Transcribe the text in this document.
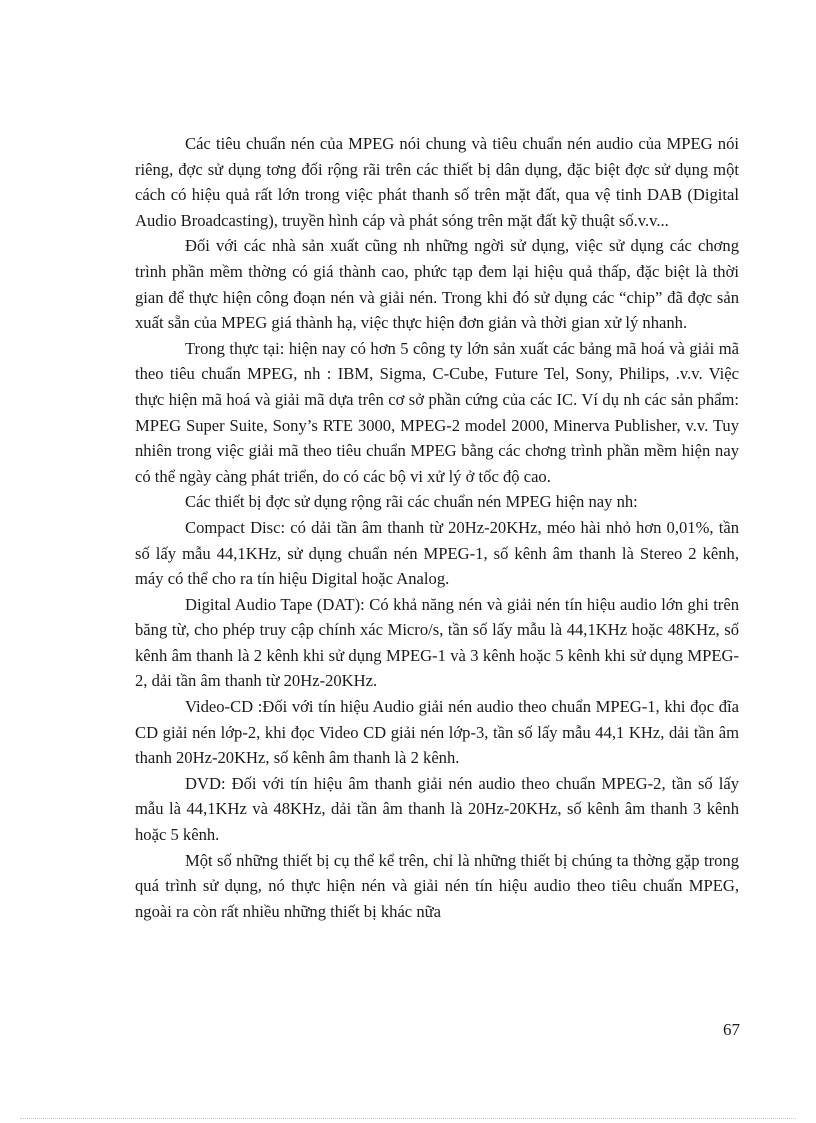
Các tiêu chuẩn nén của MPEG nói chung và tiêu chuẩn nén audio của MPEG nói riêng, đợc sử dụng tơng đối rộng rãi trên các thiết bị dân dụng, đặc biệt đợc sử dụng một cách có hiệu quả rất lớn trong việc phát thanh số trên mặt đất, qua vệ tinh DAB (Digital Audio Broadcasting), truyền hình cáp và phát sóng trên mặt đất kỹ thuật số.v.v...

Đối với các nhà sản xuất cũng nh những ngời sử dụng, việc sử dụng các chơng trình phần mềm thờng có giá thành cao, phức tạp đem lại hiệu quả thấp, đặc biệt là thời gian để thực hiện công đoạn nén và giải nén. Trong khi đó sử dụng các “chip” đã đợc sản xuất sẵn của MPEG giá thành hạ, việc thực hiện đơn giản và thời gian xử lý nhanh.

Trong thực tại: hiện nay có hơn 5 công ty lớn sản xuất các bảng mã hoá và giải mã theo tiêu chuẩn MPEG, nh : IBM, Sigma, C-Cube, Future Tel, Sony, Philips, .v.v. Việc thực hiện mã hoá và giải mã dựa trên cơ sở phần cứng của các IC. Ví dụ nh các sản phẩm: MPEG Super Suite, Sony’s RTE 3000, MPEG-2 model 2000, Minerva Publisher, v.v. Tuy nhiên trong việc giải mã theo tiêu chuẩn MPEG bằng các chơng trình phần mềm hiện nay có thể ngày càng phát triển, do có các bộ vi xử lý ở tốc độ cao.

Các thiết bị đợc sử dụng rộng rãi các chuẩn nén MPEG hiện nay nh:

Compact Disc: có dải tần âm thanh từ 20Hz-20KHz, méo hài nhỏ hơn 0,01%, tần số lấy mẫu 44,1KHz, sử dụng chuẩn nén MPEG-1, số kênh âm thanh là Stereo 2 kênh, máy có thể cho ra tín hiệu Digital hoặc Analog.

Digital Audio Tape (DAT): Có khả năng nén và giải nén tín hiệu audio lớn ghi trên băng từ, cho phép truy cập chính xác Micro/s, tần số lấy mẫu là 44,1KHz hoặc 48KHz, số kênh âm thanh là 2 kênh khi sử dụng MPEG-1 và 3 kênh hoặc 5 kênh khi sử dụng MPEG-2, dải tần âm thanh từ 20Hz-20KHz.

Video-CD :Đối với tín hiệu Audio giải nén audio theo chuẩn MPEG-1, khi đọc đĩa CD giải nén lớp-2, khi đọc Video CD giải nén lớp-3, tần số lấy mẫu 44,1 KHz, dải tần âm thanh 20Hz-20KHz, số kênh âm thanh là 2 kênh.

DVD: Đối với tín hiệu âm thanh giải nén audio theo chuẩn MPEG-2, tần số lấy mẫu là 44,1KHz và 48KHz, dải tần âm thanh là 20Hz-20KHz, số kênh âm thanh 3 kênh hoặc 5 kênh.

Một số những thiết bị cụ thể kể trên, chỉ là những thiết bị chúng ta thờng gặp trong quá trình sử dụng, nó thực hiện nén và giải nén tín hiệu audio theo tiêu chuẩn MPEG, ngoài ra còn rất nhiều những thiết bị khác nữa

67
